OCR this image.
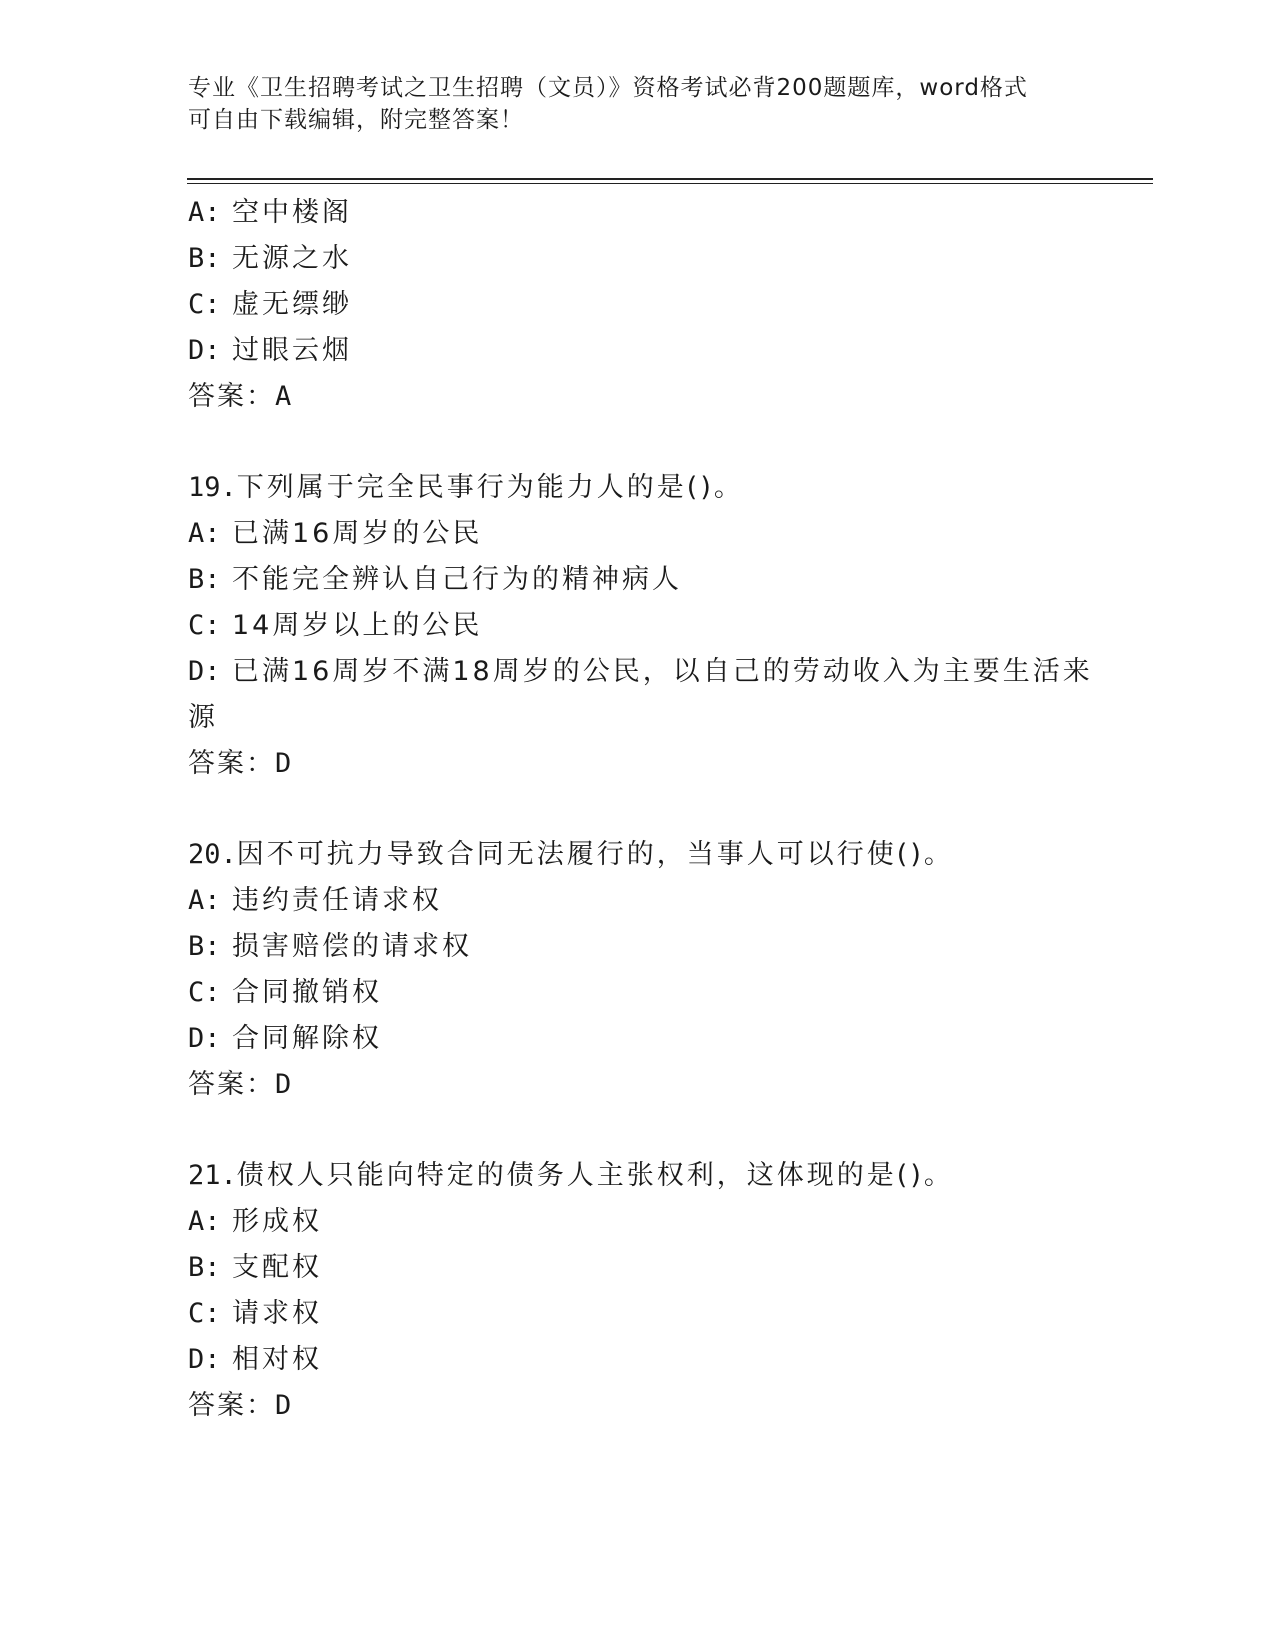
专业《卫生招聘考试之卫生招聘（文员）》资格考试必背200题题库，word格式
可自由下载编辑，附完整答案！
A: 空中楼阁
B: 无源之水
C: 虚无缥缈
D: 过眼云烟
答案：A
19.下列属于完全民事行为能力人的是()。
A: 已满16周岁的公民
B: 不能完全辨认自己行为的精神病人
C: 14周岁以上的公民
D: 已满16周岁不满18周岁的公民，以自己的劳动收入为主要生活来
源
答案：D
20.因不可抗力导致合同无法履行的，当事人可以行使()。
A: 违约责任请求权
B: 损害赔偿的请求权
C: 合同撤销权
D: 合同解除权
答案：D
21.债权人只能向特定的债务人主张权利，这体现的是()。
A: 形成权
B: 支配权
C: 请求权
D: 相对权
答案：D
